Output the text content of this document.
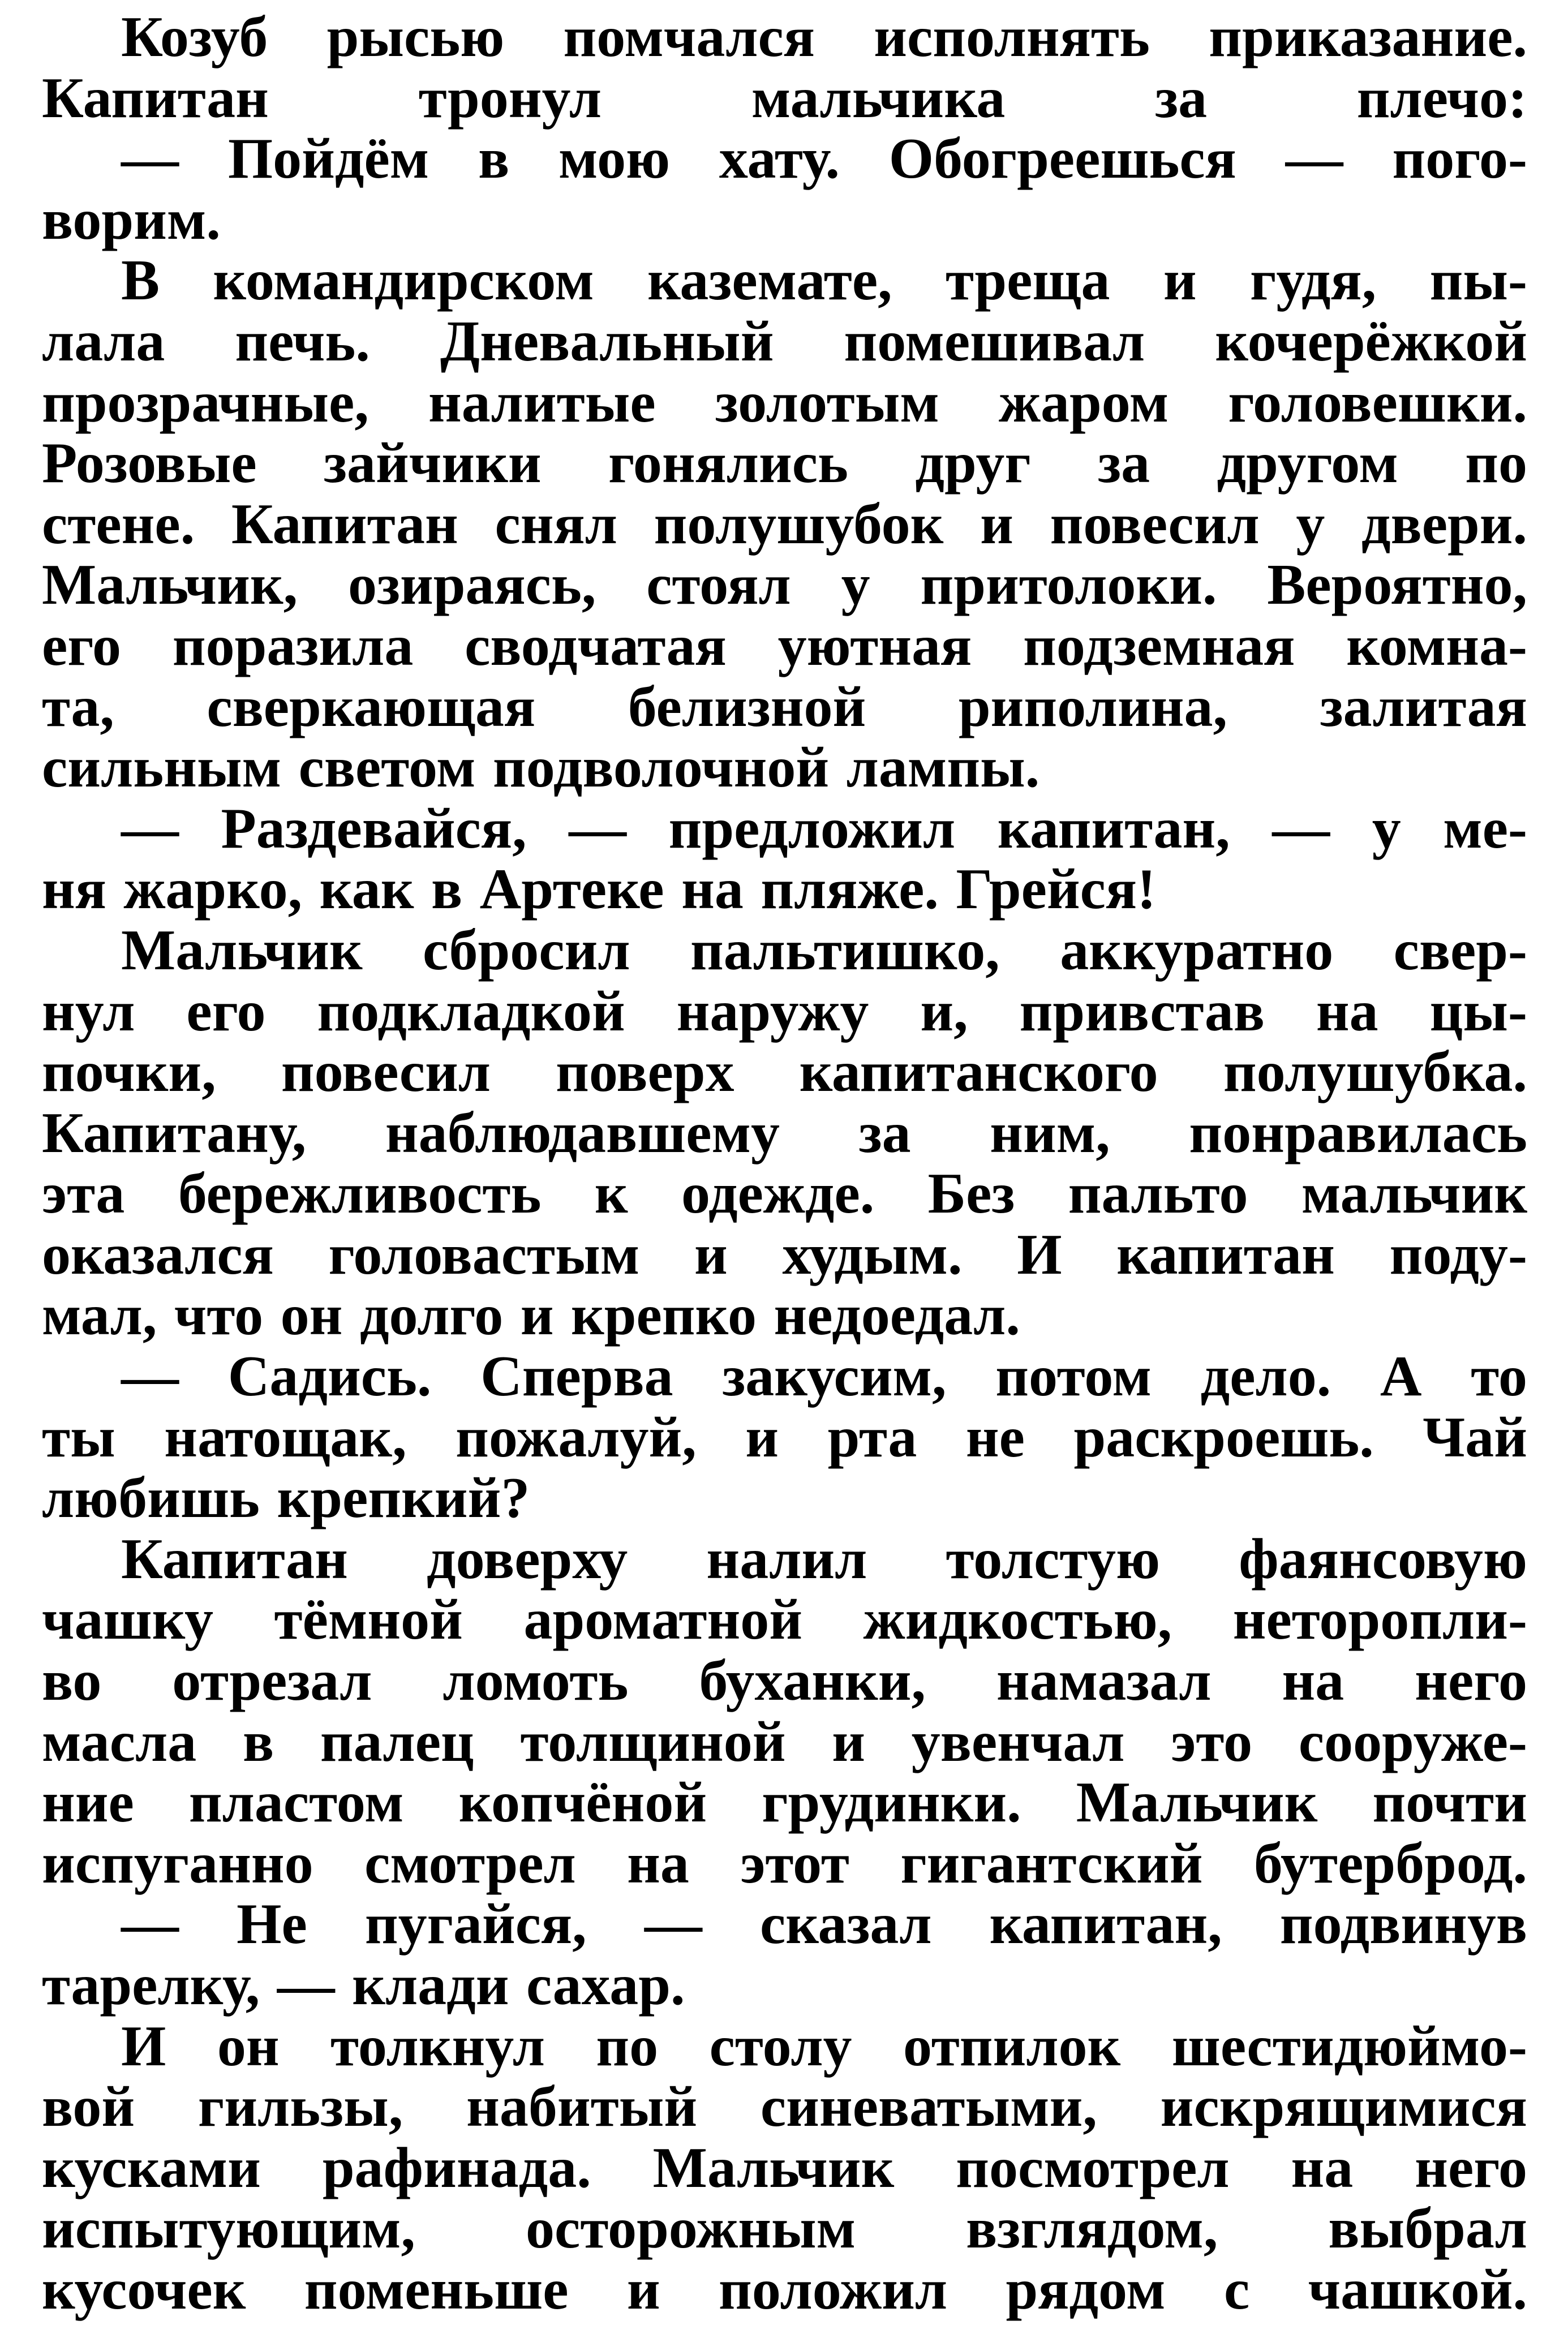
Козуб рысью помчался исполнять приказание.

Капитан тронул мальчика за плечо:

— Пойдём в мою хату. Обогреешься — пого-

ворим.

В командирском каземате, треща и гудя, пы-

лала печь. Дневальный помешивал кочерёжкой

прозрачные, налитые золотым жаром головешки.

Розовые зайчики гонялись друг за другом по

стене. Капитан снял полушубок и повесил у двери.

Мальчик, озираясь, стоял у притолоки. Вероятно,

его поразила сводчатая уютная подземная комна-

та, сверкающая белизной риполина, залитая

сильным светом подволочной лампы.

— Раздевайся, — предложил капитан, — у ме-

ня жарко, как в Артеке на пляже. Грейся!

Мальчик сбросил пальтишко, аккуратно свер-

нул его подкладкой наружу и, привстав на цы-

почки, повесил поверх капитанского полушубка.

Капитану, наблюдавшему за ним, понравилась

эта бережливость к одежде. Без пальто мальчик

оказался головастым и худым. И капитан поду-

мал, что он долго и крепко недоедал.

— Садись. Сперва закусим, потом дело. А то

ты натощак, пожалуй, и рта не раскроешь. Чай

любишь крепкий?

Капитан доверху налил толстую фаянсовую

чашку тёмной ароматной жидкостью, неторопли-

во отрезал ломоть буханки, намазал на него

масла в палец толщиной и увенчал это сооруже-

ние пластом копчёной грудинки. Мальчик почти

испуганно смотрел на этот гигантский бутерброд.

— Не пугайся, — сказал капитан, подвинув

тарелку, — клади сахар.

И он толкнул по столу отпилок шестидюймо-

вой гильзы, набитый синеватыми, искрящимися

кусками рафинада. Мальчик посмотрел на него

испытующим, осторожным взглядом, выбрал

кусочек поменьше и положил рядом с чашкой.
